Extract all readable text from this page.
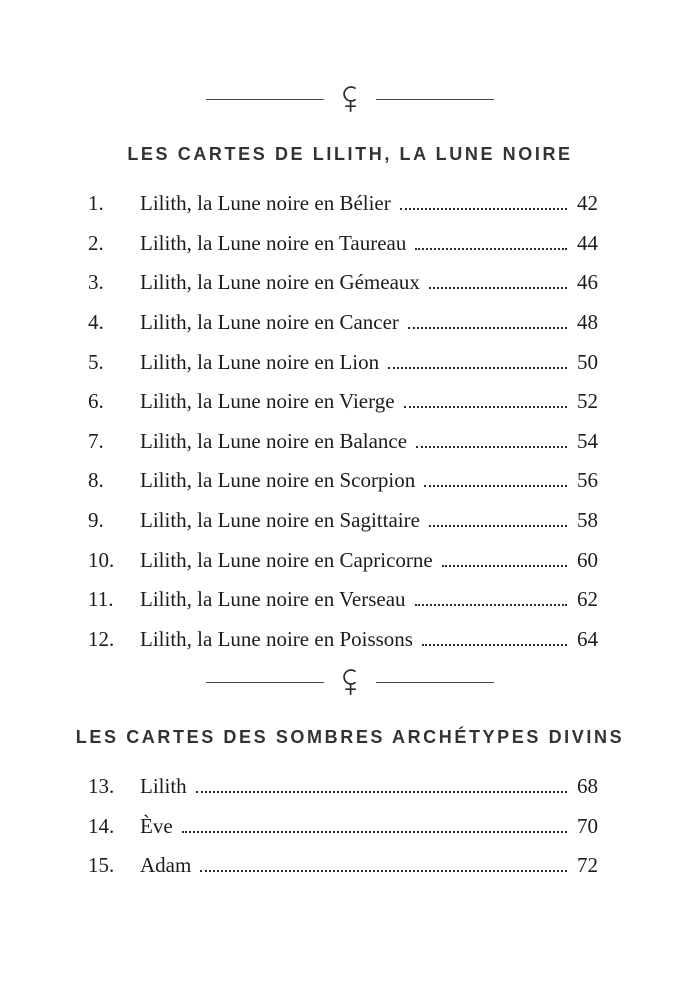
LES CARTES DE LILITH, LA LUNE NOIRE
1.	Lilith, la Lune noire en Bélier	42
2.	Lilith, la Lune noire en Taureau	44
3.	Lilith, la Lune noire en Gémeaux	46
4.	Lilith, la Lune noire en Cancer	48
5.	Lilith, la Lune noire en Lion	50
6.	Lilith, la Lune noire en Vierge	52
7.	Lilith, la Lune noire en Balance	54
8.	Lilith, la Lune noire en Scorpion	56
9.	Lilith, la Lune noire en Sagittaire	58
10.	Lilith, la Lune noire en Capricorne	60
11.	Lilith, la Lune noire en Verseau	62
12.	Lilith, la Lune noire en Poissons	64
LES CARTES DES SOMBRES ARCHÉTYPES DIVINS
13.	Lilith	68
14.	Ève	70
15.	Adam	72
